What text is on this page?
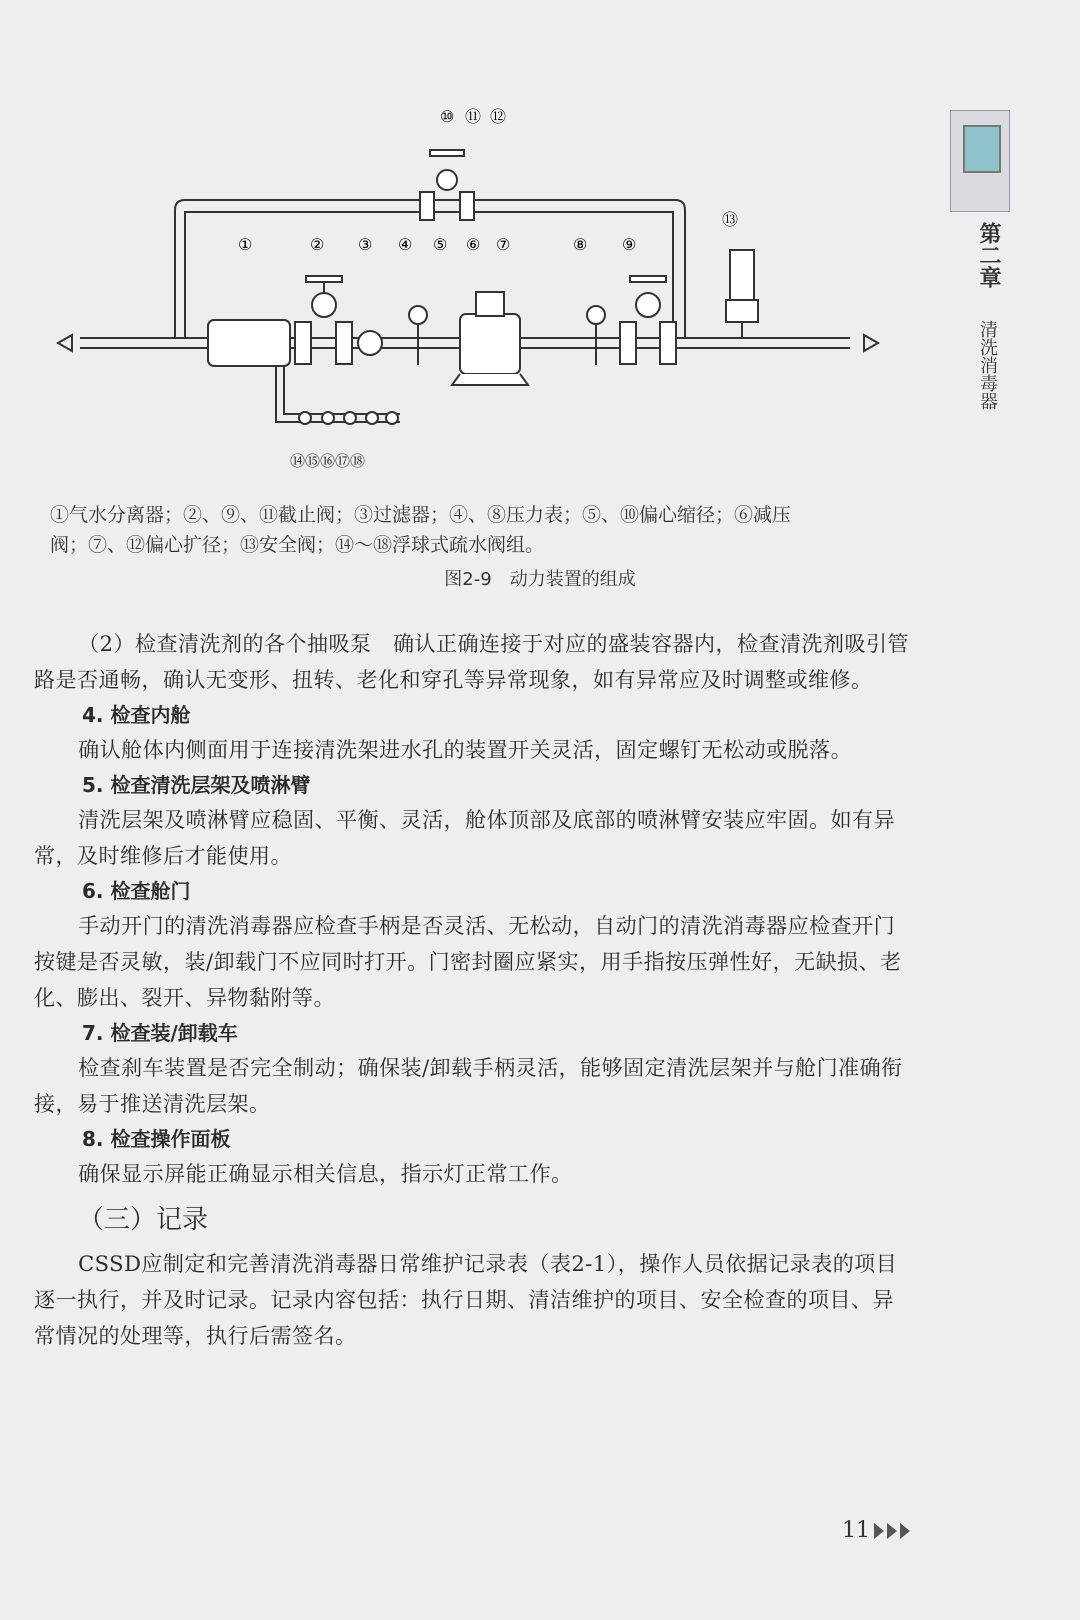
⑩ ⑪ ⑫
①	② ③ ④ ⑤ ⑥ ⑦	⑧ ⑨
⑬
⑭⑮⑯⑰⑱
①气水分离器；②、⑨、⑪截止阀；③过滤器；④、⑧压力表；⑤、⑩偏心缩径；⑥减压
阀；⑦、⑫偏心扩径；⑬安全阀；⑭～⑱浮球式疏水阀组。
图2-9 动力装置的组成

（2）检查清洗剂的各个抽吸泵　确认正确连接于对应的盛装容器内，检查清洗剂吸引管路是否通畅，确认无变形、扭转、老化和穿孔等异常现象，如有异常应及时调整或维修。

4. 检查内舱

确认舱体内侧面用于连接清洗架进水孔的装置开关灵活，固定螺钉无松动或脱落。

5. 检查清洗层架及喷淋臂

清洗层架及喷淋臂应稳固、平衡、灵活，舱体顶部及底部的喷淋臂安装应牢固。如有异常，及时维修后才能使用。

6. 检查舱门

手动开门的清洗消毒器应检查手柄是否灵活、无松动，自动门的清洗消毒器应检查开门按键是否灵敏，装/卸载门不应同时打开。门密封圈应紧实，用手指按压弹性好，无缺损、老化、膨出、裂开、异物黏附等。

7. 检查装/卸载车

检查刹车装置是否完全制动；确保装/卸载手柄灵活，能够固定清洗层架并与舱门准确衔接，易于推送清洗层架。

8. 检查操作面板

确保显示屏能正确显示相关信息，指示灯正常工作。

（三）记录

CSSD应制定和完善清洗消毒器日常维护记录表（表2-1），操作人员依据记录表的项目逐一执行，并及时记录。记录内容包括：执行日期、清洁维护的项目、安全检查的项目、异常情况的处理等，执行后需签名。

第二章
清洗消毒器
11
